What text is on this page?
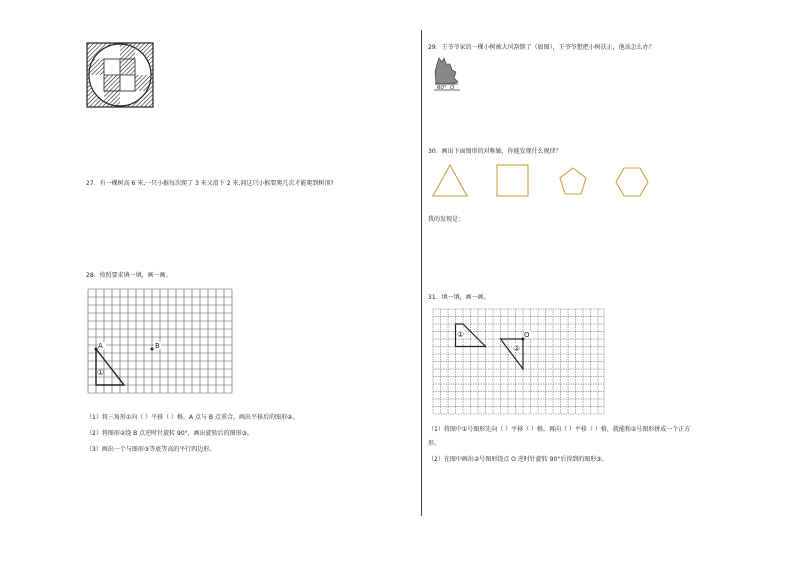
27．有一棵树高 6 米,一只小猴每次爬了 3 米又滑下 2 米,问这只小猴要爬几次才能爬到树顶?
28．按照要求填一填，画一画。
A	B
①
（1）将三角形①向（ ）平移（ ）格，A 点与 B 点重合，画出平移后的图形②。
（2）将图形②绕 B 点逆时针旋转 90°，画出旋转后的图形③。
（3）画出一个与图形③等底等高的平行四边形。
29．王爷爷家的一棵小树被大风刮倒了（如图），王爷爷想把小树扶正，他该怎么办？
60° O
30．画出下面图形的对称轴，你能发现什么规律？
我的发现是：
31．填一填，画一画。
①
②
O
（1）将图中①号图形先向（ ）平移（ ）格，再向（ ）平移（ ）格，就能和②号图形拼成一个正方
形。
（2）在图中画出②号图形绕点 O 逆时针旋转 90°后得到的图形③。
